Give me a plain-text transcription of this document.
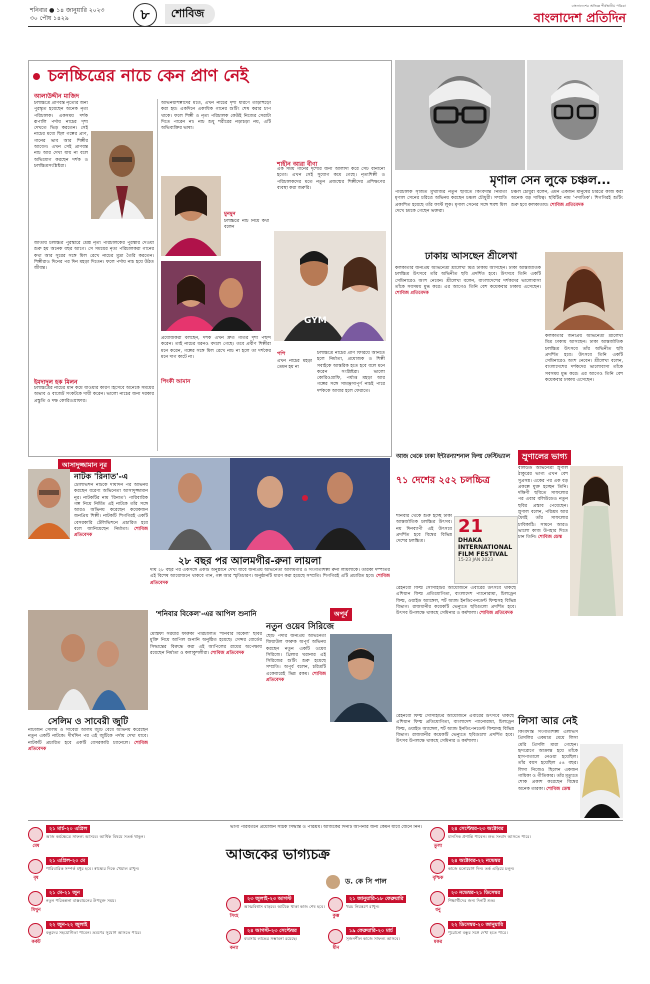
শনিবার ● ১৪ জানুয়ারি ২০২৩
৩০ পৌষ ১৪২৯	৮	শোবিজ
বাংলাদেশের অভিজ্ঞ শীর্ষস্থানীয় পত্রিকা
বাংলাদেশ প্রতিদিন
চলচ্চিত্রের নাচে কেন প্রাণ নেই
আলাউদ্দীন মাজিদ
চলচ্চিত্রে প্রাণবন্ত নৃত্যের জন্য পুরস্কৃত হয়েছেন অনেক নৃত্য পরিচালক। একসময় দর্শক রূপালি পর্দায় নাচের দৃশ্য দেখতে ভিড় করতেন। সেই নাচের মধ্যে ছিল গল্পের প্রাণ, গানের ভাব আর শিল্পীর আবেগ। এখন সেই প্রাণবন্ত নাচ আর দেখা যায় না বলে অভিযোগ করছেন দর্শক ও চলচ্চিত্রসংশ্লিষ্টরা।
জাতীয় চলচ্চিত্র পুরস্কারে শ্রেষ্ঠ নৃত্য পরিচালকের পুরস্কার দেওয়া শুরু হয় অনেক বছর আগে। সে সময়ের নৃত্য পরিচালকরা গানের কথা আর সুরের সঙ্গে মিল রেখে নাচের মুদ্রা তৈরি করতেন। শিল্পীরাও দিনের পর দিন মহড়া দিতেন। ফলে পর্দায় নাচ হয়ে উঠত জীবন্ত।
ইমদাদুল হক মিলন
চলচ্চিত্রের নাচের মান কমে যাওয়ার কারণ হিসেবে অনেকে সময়ের অভাব ও বাজেট সংকটকে দায়ী করেন। ভালো নাচের জন্য দরকার প্রস্তুতি ও দক্ষ কোরিওগ্রাফার।
অভিনয়শিল্পীদের মতে, এখন নাচের দৃশ্য ধারণে তাড়াহুড়ো করা হয়। একদিনে একাধিক গানের শুটিং শেষ করার চাপ থাকে। ফলে শিল্পী ও নৃত্য পরিচালক কেউই নিজের সেরাটা দিতে পারেন না। নাচ শুধু শরীরের নড়াচড়া নয়, এটি অভিব্যক্তির ভাষা।
মুনমুন
চলচ্চিত্রে নাচ নিয়ে কথা বলেন
প্রযোজকরা বলছেন, দর্শক এখন দ্রুত গতির দৃশ্য পছন্দ করেন। তাই নাচের ধরনও বদলে গেছে। তবে প্রবীণ শিল্পীরা মনে করেন, গল্পের সঙ্গে মিল রেখে নাচ না হলে তা দর্শকের মনে দাগ কাটে না।
শাহীন আরা বীণা
এক সময় গানের দৃশ্যের জন্য আলাদা করে সেট বানানো হতো। এখন সেই সুযোগ কমে গেছে। নৃত্যশিল্পী ও পরিচালকদের মতে নতুন প্রজন্মের শিল্পীদের প্রশিক্ষণের ব্যবস্থা করা জরুরি।
GYM
পপি
এখন নাচের মহড়া তেমন হয় না
পিংকী আমান
চলচ্চিত্রে নাচের প্রাণ ফিরিয়ে আনতে হলে নির্মাতা, প্রযোজক ও শিল্পী সবাইকে আন্তরিক হতে হবে বলে মনে করেন সংশ্লিষ্টরা।	ভালো কোরিওগ্রাফি, পর্যাপ্ত মহড়া আর গল্পের সঙ্গে সামঞ্জস্যপূর্ণ নাচই পারে দর্শককে আবার হলে ফেরাতে।
মৃণাল সেন লুকে চঞ্চল...
পরিচালক সৃজিত মুখার্জির নতুন ছবিতে কিংবদন্তি নির্মাতা মৃণাল সেনের চরিত্রে অভিনয় করছেন চঞ্চল চৌধুরী। সম্প্রতি প্রকাশিত হয়েছে তাঁর ফার্স্ট লুক। মৃণাল সেনের সঙ্গে হুবহু মিল দেখে চমকে গেছেন ভক্তরা।
চঞ্চল চৌধুরী বলেন, এমন একজন মানুষের চরিত্রে কাজ করা অনেক বড় দায়িত্ব। ছবিটির নাম 'পদাতিক'। শিগগিরই শুটিং শুরু হবে কলকাতায়। শোবিজ প্রতিবেদক
ঢাকায় আসছেন শ্রীলেখা
কলকাতার জনপ্রিয় অভিনেত্রী শ্রীলেখা মিত্র ঢাকায় আসছেন। ঢাকা আন্তর্জাতিক চলচ্চিত্র উৎসবে তাঁর অভিনীত ছবি প্রদর্শিত হবে। উৎসবে তিনি একটি সেমিনারেও অংশ নেবেন। শ্রীলেখা বলেন, বাংলাদেশের দর্শকদের ভালোবাসা তাঁকে সবসময় মুগ্ধ করে। এর আগেও তিনি বেশ কয়েকবার ঢাকায় এসেছেন। শোবিজ প্রতিবেদক
কলকাতার জনপ্রিয় অভিনেত্রী শ্রীলেখা মিত্র ঢাকায় আসছেন। ঢাকা আন্তর্জাতিক চলচ্চিত্র উৎসবে তাঁর অভিনীত ছবি প্রদর্শিত হবে। উৎসবে তিনি একটি সেমিনারেও অংশ নেবেন। শ্রীলেখা বলেন, বাংলাদেশের দর্শকদের ভালোবাসা তাঁকে সবসময় মুগ্ধ করে। এর আগেও তিনি বেশ কয়েকবার ঢাকায় এসেছেন।
আসাদুজ্জামান নূর
নাটক 'রিনাত'-এ
টেলিভিশন নাটকে দীর্ঘদিন পর অভিনয় করছেন বরেণ্য অভিনেতা আসাদুজ্জামান নূর। নাটকটির নাম 'রিনাত'। পারিবারিক গল্প নিয়ে নির্মিত এই নাটকে তাঁর সঙ্গে আরও অভিনয় করেছেন কয়েকজন জনপ্রিয় শিল্পী। নাটকটি শিগগিরই একটি বেসরকারি টেলিভিশনে প্রচারিত হবে বলে জানিয়েছেন নির্মাতা। শোবিজ প্রতিবেদক
২৮ বছর পর আলমগীর-রুনা লায়লা
দীর্ঘ ২৮ বছর পর একসঙ্গে একটি অনুষ্ঠানে দেখা যাবে জনপ্রিয় অভিনেতা আলমগীর ও সংগীতশিল্পী রুনা লায়লাকে। তারকা দম্পতির এই বিশেষ আয়োজনে থাকবে গান, গল্প আর স্মৃতিচারণ। অনুষ্ঠানটি ধারণ করা হয়েছে সম্প্রতি। শিগগিরই এটি প্রচারিত হবে। শোবিজ প্রতিবেদক
আজ থেকে ঢাকা ইন্টারন্যাশনাল ফিল্ম ফেস্টিভ্যাল
৭১ দেশের ২৫২ চলচ্চিত্র
শনিবার থেকে শুরু হচ্ছে ঢাকা আন্তর্জাতিক চলচ্চিত্র উৎসব। নয় দিনব্যাপী এই উৎসবে প্রদর্শিত হবে বিশ্বের বিভিন্ন দেশের চলচ্চিত্র।
21
DHAKA INTERNATIONAL FILM FESTIVAL
15-23 JAN 2023
রেইনবো ফিল্ম সোসাইটির আয়োজনে এবারের উৎসবে থাকছে এশিয়ান ফিল্ম প্রতিযোগিতা, বাংলাদেশ প্যানোরামা, চিলড্রেন ফিল্ম, ওয়াইড অ্যাঙ্গেল, শর্ট অ্যান্ড ইনডিপেনডেন্ট ফিল্মসহ বিভিন্ন বিভাগ। রাজধানীর কয়েকটি ভেন্যুতে ছবিগুলো প্রদর্শিত হবে। উৎসব উপলক্ষে থাকছে সেমিনার ও কর্মশালা। শোবিজ প্রতিবেদক
ম্রুণালের ভাগ্য
বলিউড অভিনেত্রী ম্রুণাল ঠাকুরের ভাগ্য এখন বেশ সুপ্রসন্ন। একের পর এক বড় প্রকল্পে যুক্ত হচ্ছেন তিনি। দক্ষিণী ছবিতে সাফল্যের পর এবার বলিউডেও নতুন ছবির প্রস্তাব পেয়েছেন। ম্রুণাল বলেন, পরিশ্রম আর ধৈর্যই তাঁর সাফল্যের চাবিকাঠি। সামনে আরও ভালো কাজ উপহার দিতে চান তিনি। শোবিজ ডেস্ক
'শনিবার বিকেল'-এর আপিল শুনানি
মোস্তফা সরয়ার ফারুকী পরিচালিত 'শনিবার বিকেল' ছবির মুক্তি নিয়ে আপিল শুনানি অনুষ্ঠিত হয়েছে। সেন্সর বোর্ডের সিদ্ধান্তের বিরুদ্ধে করা এই আপিলের রায়ের অপেক্ষায় রয়েছেন নির্মাতা ও কলাকুশলীরা। শোবিজ প্রতিবেদক
সেলিম ও সাবেরী জুটি
নাট্যজন সেলিম ও সাবেরী আলম জুটি বেঁধে অভিনয় করেছেন নতুন একটি নাটকে। দীর্ঘদিন পর এই জুটিকে পর্দায় দেখা যাবে। নাটকটি প্রচারিত হবে একটি বেসরকারি চ্যানেলে। শোবিজ প্রতিবেদক
অপূর্ব
নতুন ওয়েব সিরিজে
ছোট পর্দার জনপ্রিয় অভিনেতা জিয়াউল ফারুক অপূর্ব অভিনয় করছেন নতুন একটি ওয়েব সিরিজে। থ্রিলার ঘরানার এই সিরিজের শুটিং শুরু হয়েছে সম্প্রতি। অপূর্ব বলেন, চরিত্রটি একেবারেই ভিন্ন রকম। শোবিজ প্রতিবেদক
লিসা আর নেই
কিংবদন্তি সংগীতশিল্পী এলভিস প্রিসলির একমাত্র মেয়ে লিসা মেরি প্রিসলি মারা গেছেন। হৃদরোগে আক্রান্ত হয়ে তাঁকে হাসপাতালে নেওয়া হয়েছিল। তাঁর বয়স হয়েছিল ৫৪ বছর। লিসা নিজেও ছিলেন একজন গায়িকা ও গীতিকার। তাঁর মৃত্যুতে শোক প্রকাশ করেছেন বিশ্বের অনেক তারকা। শোবিজ ডেস্ক
রেইনবো ফিল্ম সোসাইটির আয়োজনে এবারের উৎসবে থাকছে এশিয়ান ফিল্ম প্রতিযোগিতা, বাংলাদেশ প্যানোরামা, চিলড্রেন ফিল্ম, ওয়াইড অ্যাঙ্গেল, শর্ট অ্যান্ড ইনডিপেনডেন্ট ফিল্মসহ বিভিন্ন বিভাগ। রাজধানীর কয়েকটি ভেন্যুতে ছবিগুলো প্রদর্শিত হবে। উৎসব উপলক্ষে থাকছে সেমিনার ও কর্মশালা।
ভাগ্য পরিবর্তনে প্রয়োজন সঠিক সিদ্ধান্ত ও পরিশ্রম। আজকের দিনটি আপনার জন্য কেমন যাবে জেনে নিন।
আজকের ভাগ্যচক্র
ড. কে সি পাল
মেষ
২১ মার্চ-২০ এপ্রিল
আজ কর্মক্ষেত্রে সাফল্য আসবে। আর্থিক বিষয়ে সতর্ক থাকুন।
বৃষ
২১ এপ্রিল-২০ মে
পারিবারিক সম্পর্ক মধুর হবে। স্বাস্থ্যের দিকে খেয়াল রাখুন।
মিথুন
২১ মে-২১ জুন
নতুন পরিকল্পনা বাস্তবায়নের উপযুক্ত সময়।
কর্কট
২২ জুন-২২ জুলাই
বন্ধুদের সহযোগিতা পাবেন। ভ্রমণের সুযোগ আসতে পারে।
সিংহ
২৩ জুলাই-২৩ আগস্ট
আত্মবিশ্বাস বাড়বে। আটকে থাকা কাজ শেষ হবে।
কন্যা
২৪ আগস্ট-২৩ সেপ্টেম্বর
ব্যবসায় লাভের সম্ভাবনা রয়েছে।
তুলা
২৪ সেপ্টেম্বর-২৩ অক্টোবর
মানসিক প্রশান্তি পাবেন। শুভ সংবাদ আসতে পারে।
বৃশ্চিক
২৪ অক্টোবর-২২ নভেম্বর
কাজে মনোযোগ দিন। তর্ক এড়িয়ে চলুন।
ধনু
২৩ নভেম্বর-২১ ডিসেম্বর
শিক্ষার্থীদের জন্য দিনটি শুভ।
মকর
২২ ডিসেম্বর-২০ জানুয়ারি
পুরোনো বন্ধুর সঙ্গে দেখা হতে পারে।
কুম্ভ
২১ জানুয়ারি-১৮ ফেব্রুয়ারি
খরচ নিয়ন্ত্রণে রাখুন।
মীন
১৯ ফেব্রুয়ারি-২০ মার্চ
সৃজনশীল কাজে সাফল্য আসবে।
